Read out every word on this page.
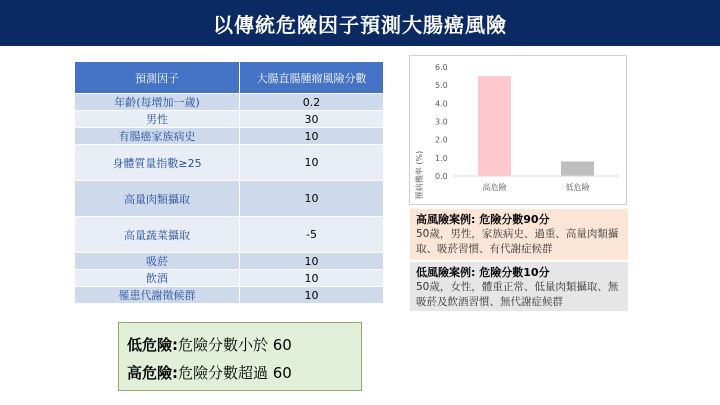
以傳統危險因子預測大腸癌風險
預測因子	大腸直腸腫瘤風險分數
年齡(每增加一歲)	0.2
男性	30
有腸癌家族病史	10
身體質量指數≥25	10
高量肉類攝取	10
高量蔬菜攝取	-5
吸菸	10
飲酒	10
罹患代謝徵候群	10
低危險:危險分數小於 60
高危險:危險分數超過 60
罹病機率 (%) 0.0
1.0
2.0
3.0
4.0
5.0
6.0
高危險	低危險
高風險案例: 危險分數90分
50歲，男性，家族病史、過重、高量肉類攝取、吸菸習慣、有代謝症候群
低風險案例: 危險分數10分
50歲，女性，體重正常、低量肉類攝取、無吸菸及飲酒習慣、無代謝症候群
